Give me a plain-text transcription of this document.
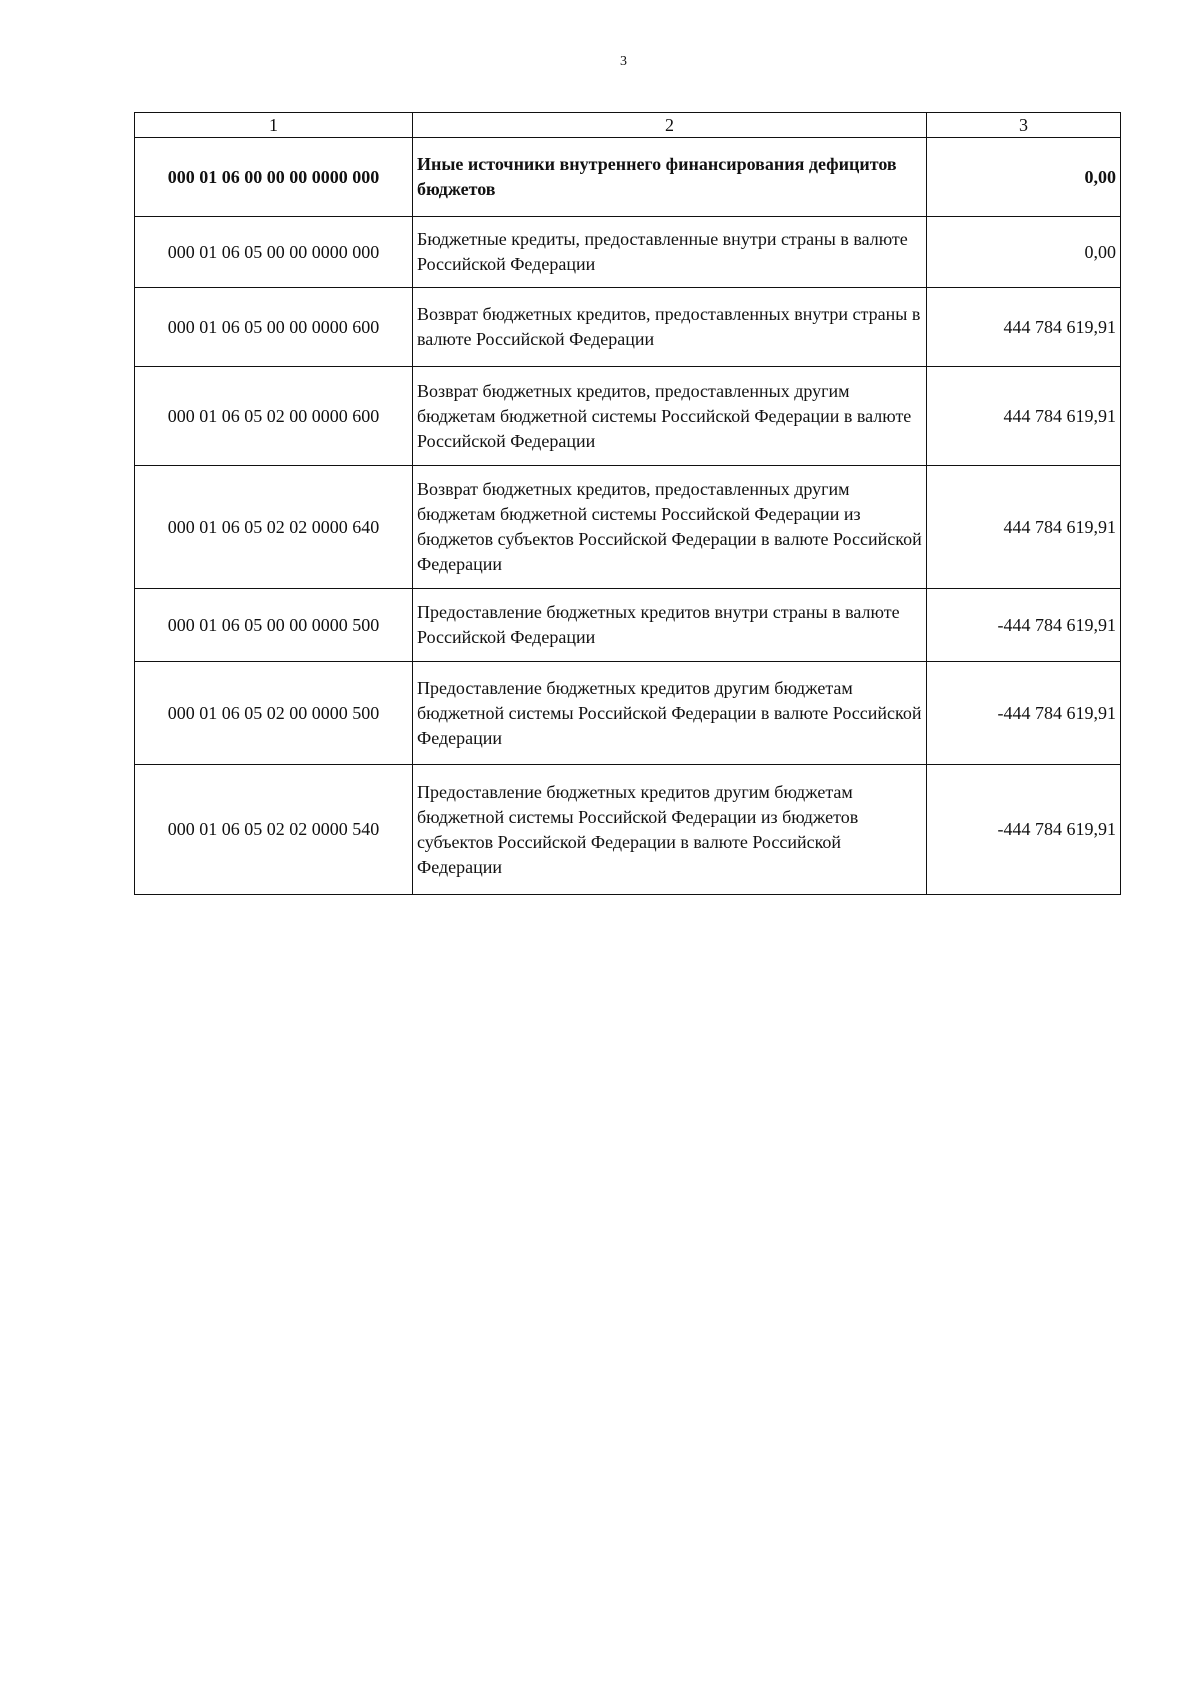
3
1	2	3
000 01 06 00 00 00 0000 000	Иные источники внутреннего финансирования дефицитов бюджетов	0,00
000 01 06 05 00 00 0000 000	Бюджетные кредиты, предоставленные внутри страны в валюте Российской Федерации	0,00
000 01 06 05 00 00 0000 600	Возврат бюджетных кредитов, предоставленных внутри страны в валюте Российской Федерации	444 784 619,91
000 01 06 05 02 00 0000 600	Возврат бюджетных кредитов, предоставленных другим бюджетам бюджетной системы Российской Федерации в валюте Российской Федерации	444 784 619,91
000 01 06 05 02 02 0000 640	Возврат бюджетных кредитов, предоставленных другим бюджетам бюджетной системы Российской Федерации из бюджетов субъектов Российской Федерации в валюте Российской Федерации	444 784 619,91
000 01 06 05 00 00 0000 500	Предоставление бюджетных кредитов внутри страны в валюте Российской Федерации	-444 784 619,91
000 01 06 05 02 00 0000 500	Предоставление бюджетных кредитов другим бюджетам бюджетной системы Российской Федерации в валюте Российской Федерации	-444 784 619,91
000 01 06 05 02 02 0000 540	Предоставление бюджетных кредитов другим бюджетам бюджетной системы Российской Федерации из бюджетов субъектов Российской Федерации в валюте Российской Федерации	-444 784 619,91
